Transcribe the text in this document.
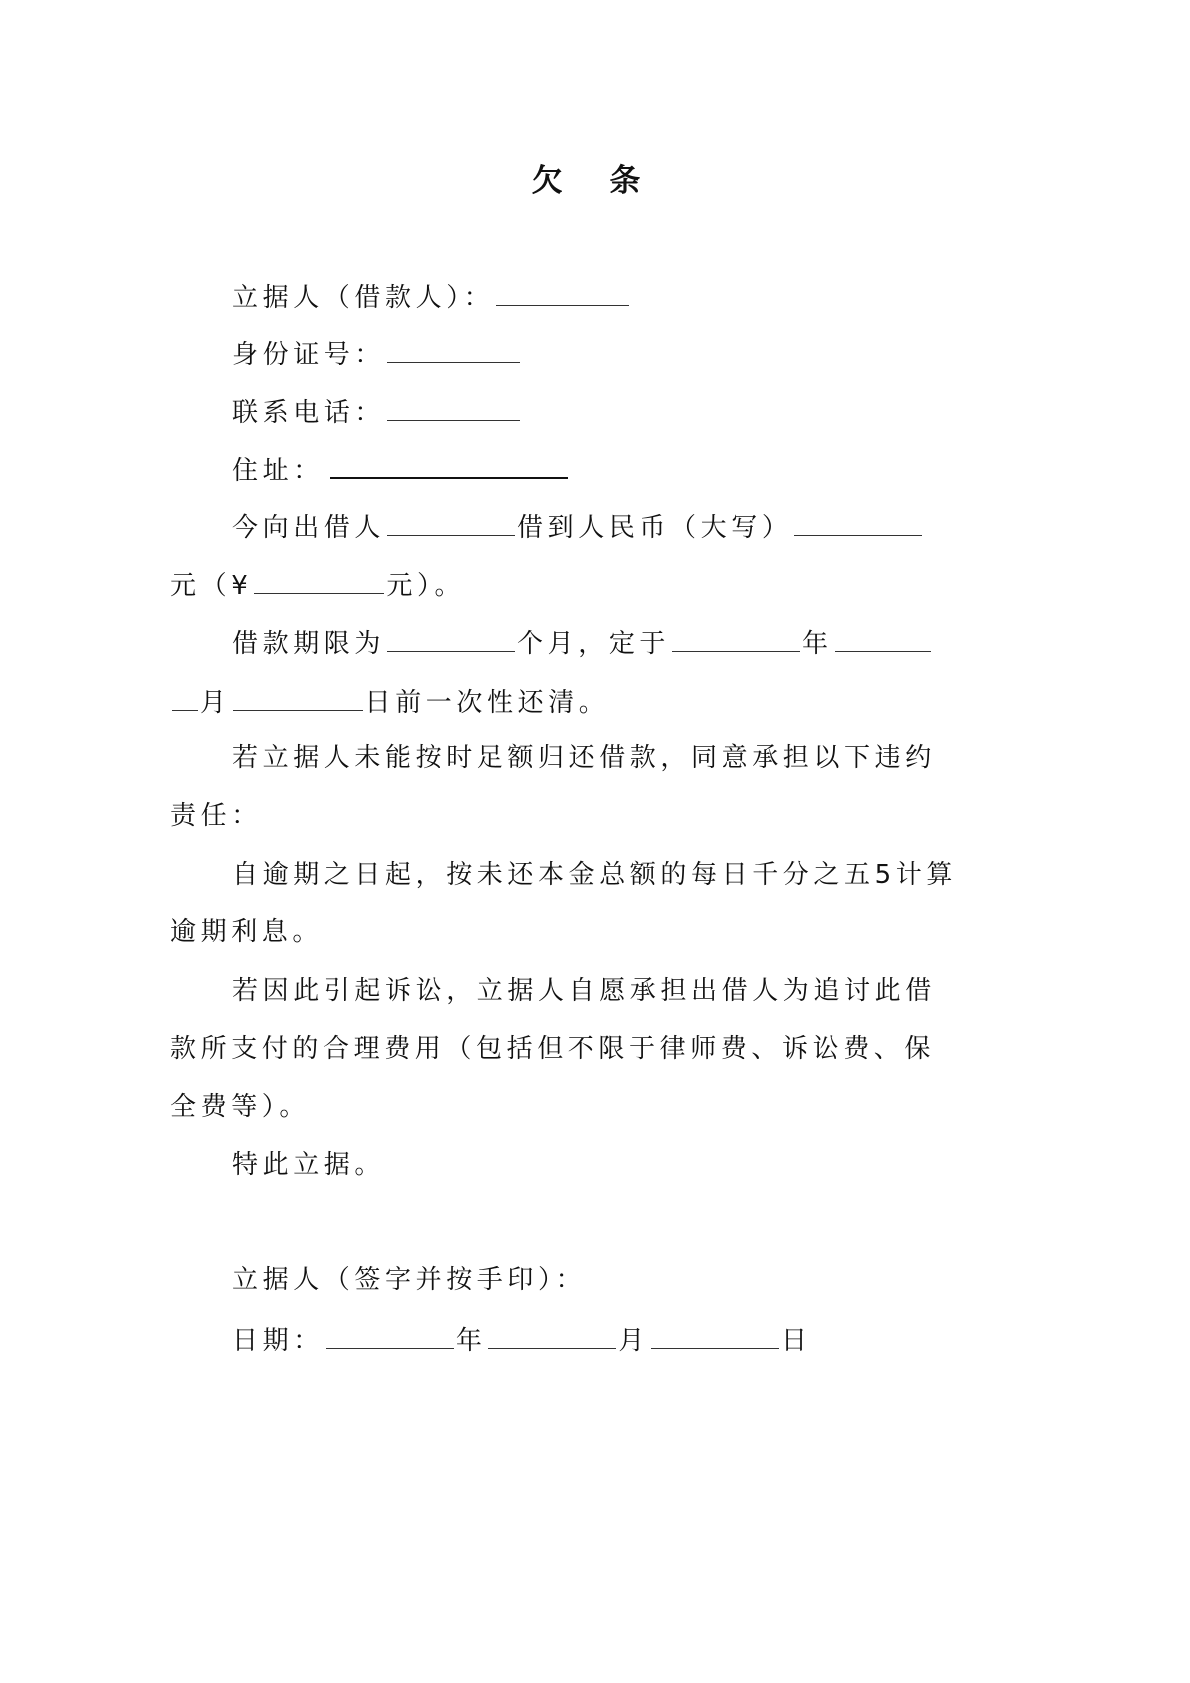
欠 条
立据人（借款人）：
身份证号：
联系电话：
住址：
今向出借人	借到人民币（大写）
元（¥	元）。
借款期限为	个月，定于	年
月	日前一次性还清。
若立据人未能按时足额归还借款，同意承担以下违约
责任：
自逾期之日起，按未还本金总额的每日千分之五5计算
逾期利息。
若因此引起诉讼，立据人自愿承担出借人为追讨此借
款所支付的合理费用（包括但不限于律师费、诉讼费、保
全费等）。
特此立据。
立据人（签字并按手印）：
日期：	年	月	日
